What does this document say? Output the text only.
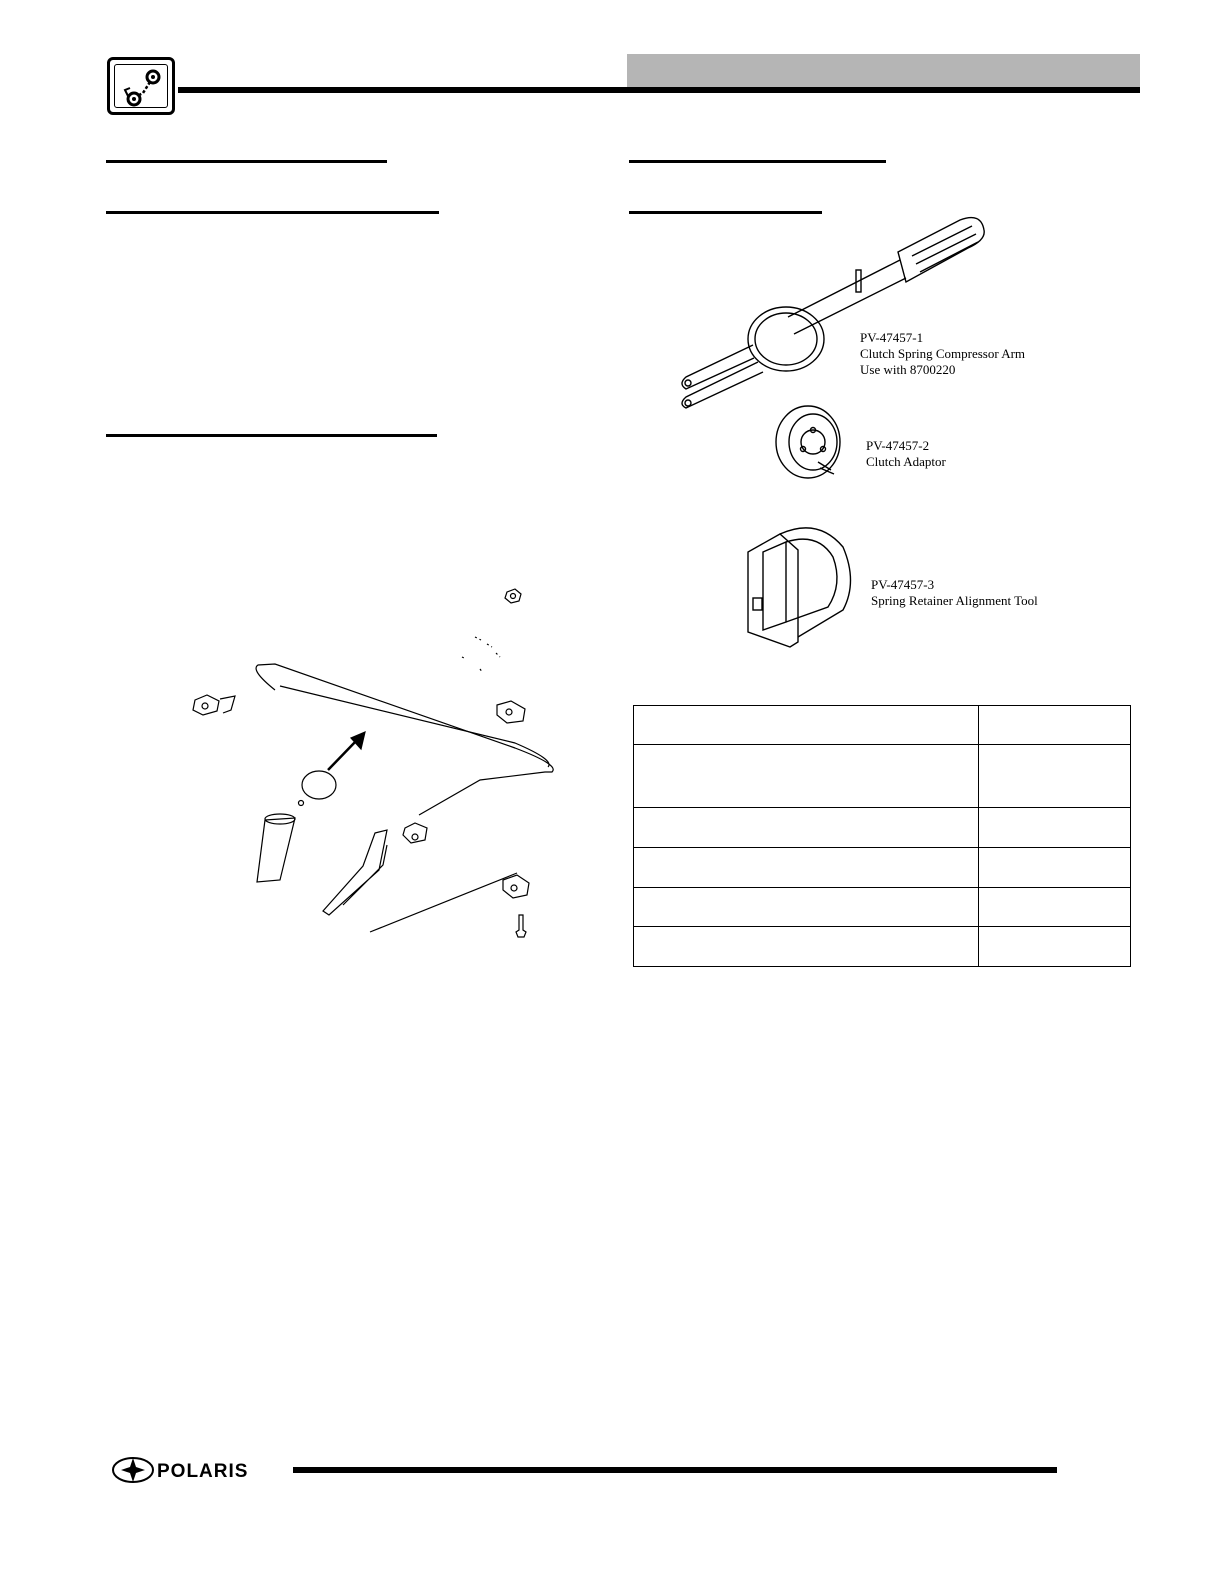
PV-47457-1
Clutch Spring Compressor Arm
Use with 8700220
PV-47457-2
Clutch Adaptor
PV-47457-3
Spring Retainer Alignment Tool

POLARIS
